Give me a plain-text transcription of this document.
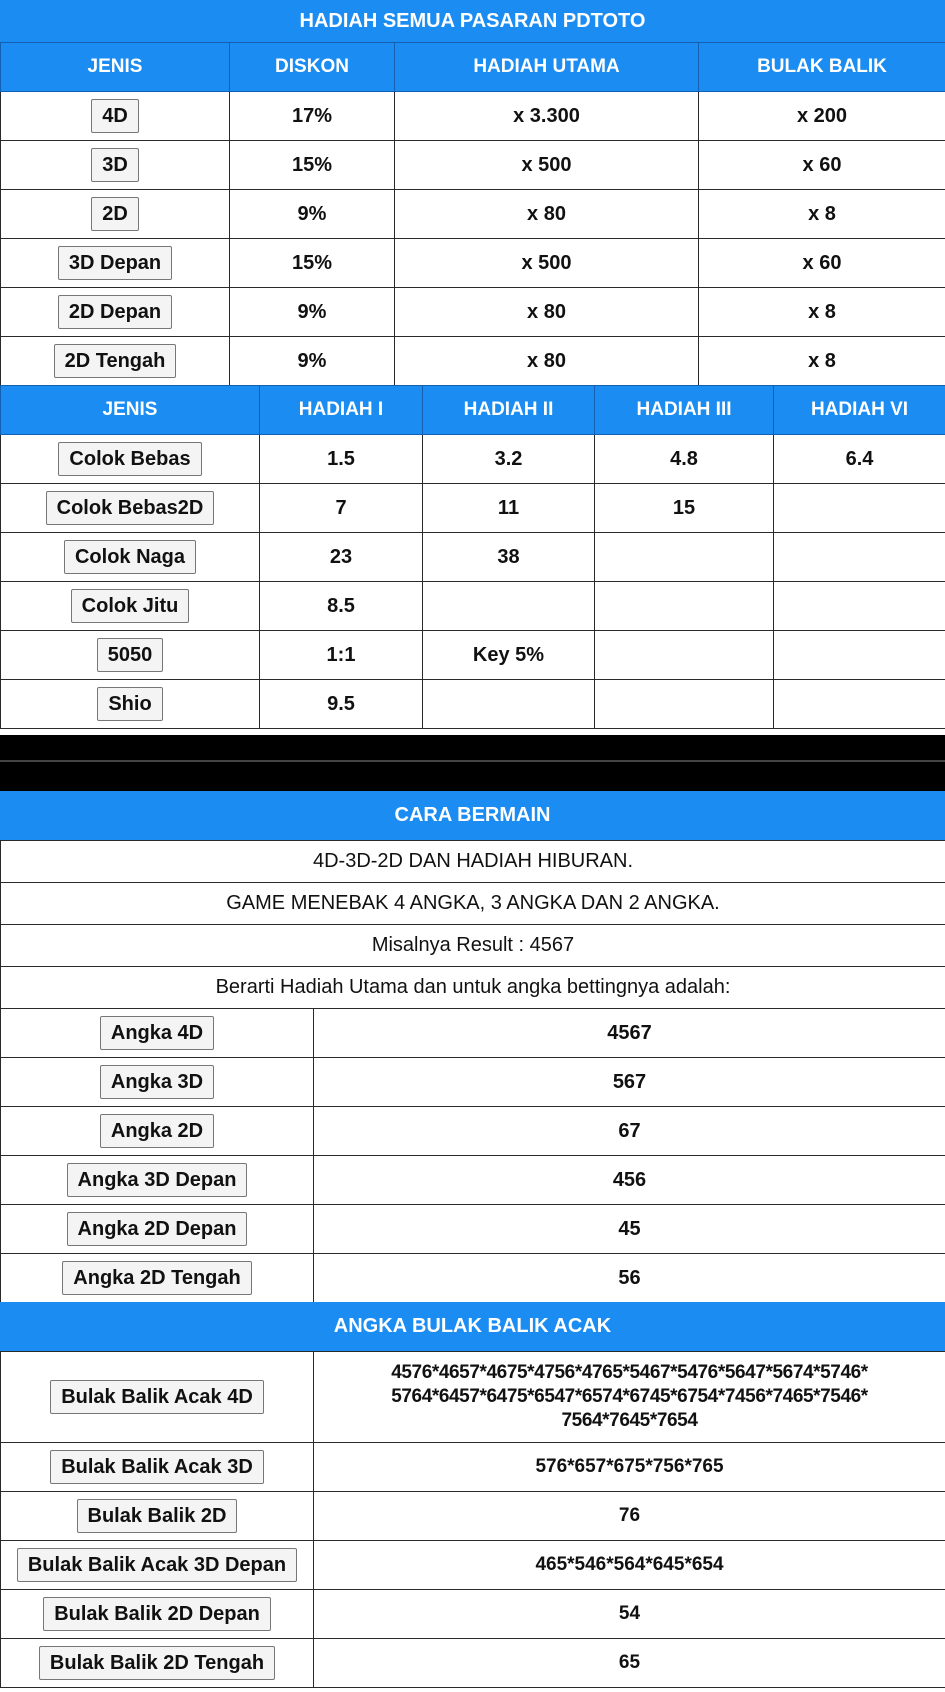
HADIAH SEMUA PASARAN PDTOTO
JENIS	DISKON	HADIAH UTAMA	BULAK BALIK
4D	17%	x 3.300	x 200
3D	15%	x 500	x 60
2D	9%	x 80	x 8
3D Depan	15%	x 500	x 60
2D Depan	9%	x 80	x 8
2D Tengah	9%	x 80	x 8
JENIS	HADIAH I	HADIAH II	HADIAH III	HADIAH VI
Colok Bebas	1.5	3.2	4.8	6.4
Colok Bebas2D	7	11	15	
Colok Naga	23	38		
Colok Jitu	8.5			
5050	1:1	Key 5%		
Shio	9.5			
CARA BERMAIN
4D-3D-2D DAN HADIAH HIBURAN.
GAME MENEBAK 4 ANGKA, 3 ANGKA DAN 2 ANGKA.
Misalnya Result : 4567
Berarti Hadiah Utama dan untuk angka bettingnya adalah:
Angka 4D	4567
Angka 3D	567
Angka 2D	67
Angka 3D Depan	456
Angka 2D Depan	45
Angka 2D Tengah	56
ANGKA BULAK BALIK ACAK
Bulak Balik Acak 4D	4576*4657*4675*4756*4765*5467*5476*5647*5674*5746*
5764*6457*6475*6547*6574*6745*6754*7456*7465*7546*
7564*7645*7654
Bulak Balik Acak 3D	576*657*675*756*765
Bulak Balik 2D	76
Bulak Balik Acak 3D Depan	465*546*564*645*654
Bulak Balik 2D Depan	54
Bulak Balik 2D Tengah	65
